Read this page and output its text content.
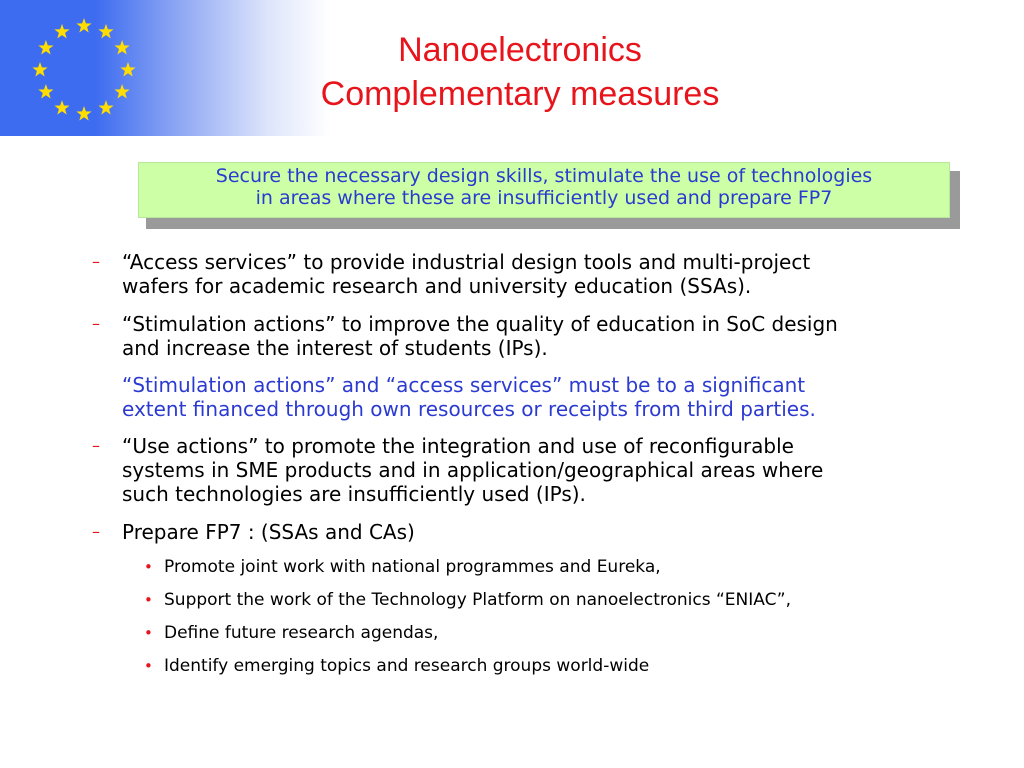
Nanoelectronics
Complementary measures
Secure the necessary design skills, stimulate the use of technologies
in areas where these are insufficiently used and prepare FP7
– “Access services” to provide industrial design tools and multi-project
wafers for academic research and university education (SSAs).
– “Stimulation actions” to improve the quality of education in SoC design
and increase the interest of students (IPs).
“Stimulation actions” and “access services” must be to a significant
extent financed through own resources or receipts from third parties.
– “Use actions” to promote the integration and use of reconfigurable
systems in SME products and in application/geographical areas where
such technologies are insufficiently used (IPs).
– Prepare FP7 : (SSAs and CAs)
• Promote joint work with national programmes and Eureka,
• Support the work of the Technology Platform on nanoelectronics “ENIAC”,
• Define future research agendas,
• Identify emerging topics and research groups world-wide
